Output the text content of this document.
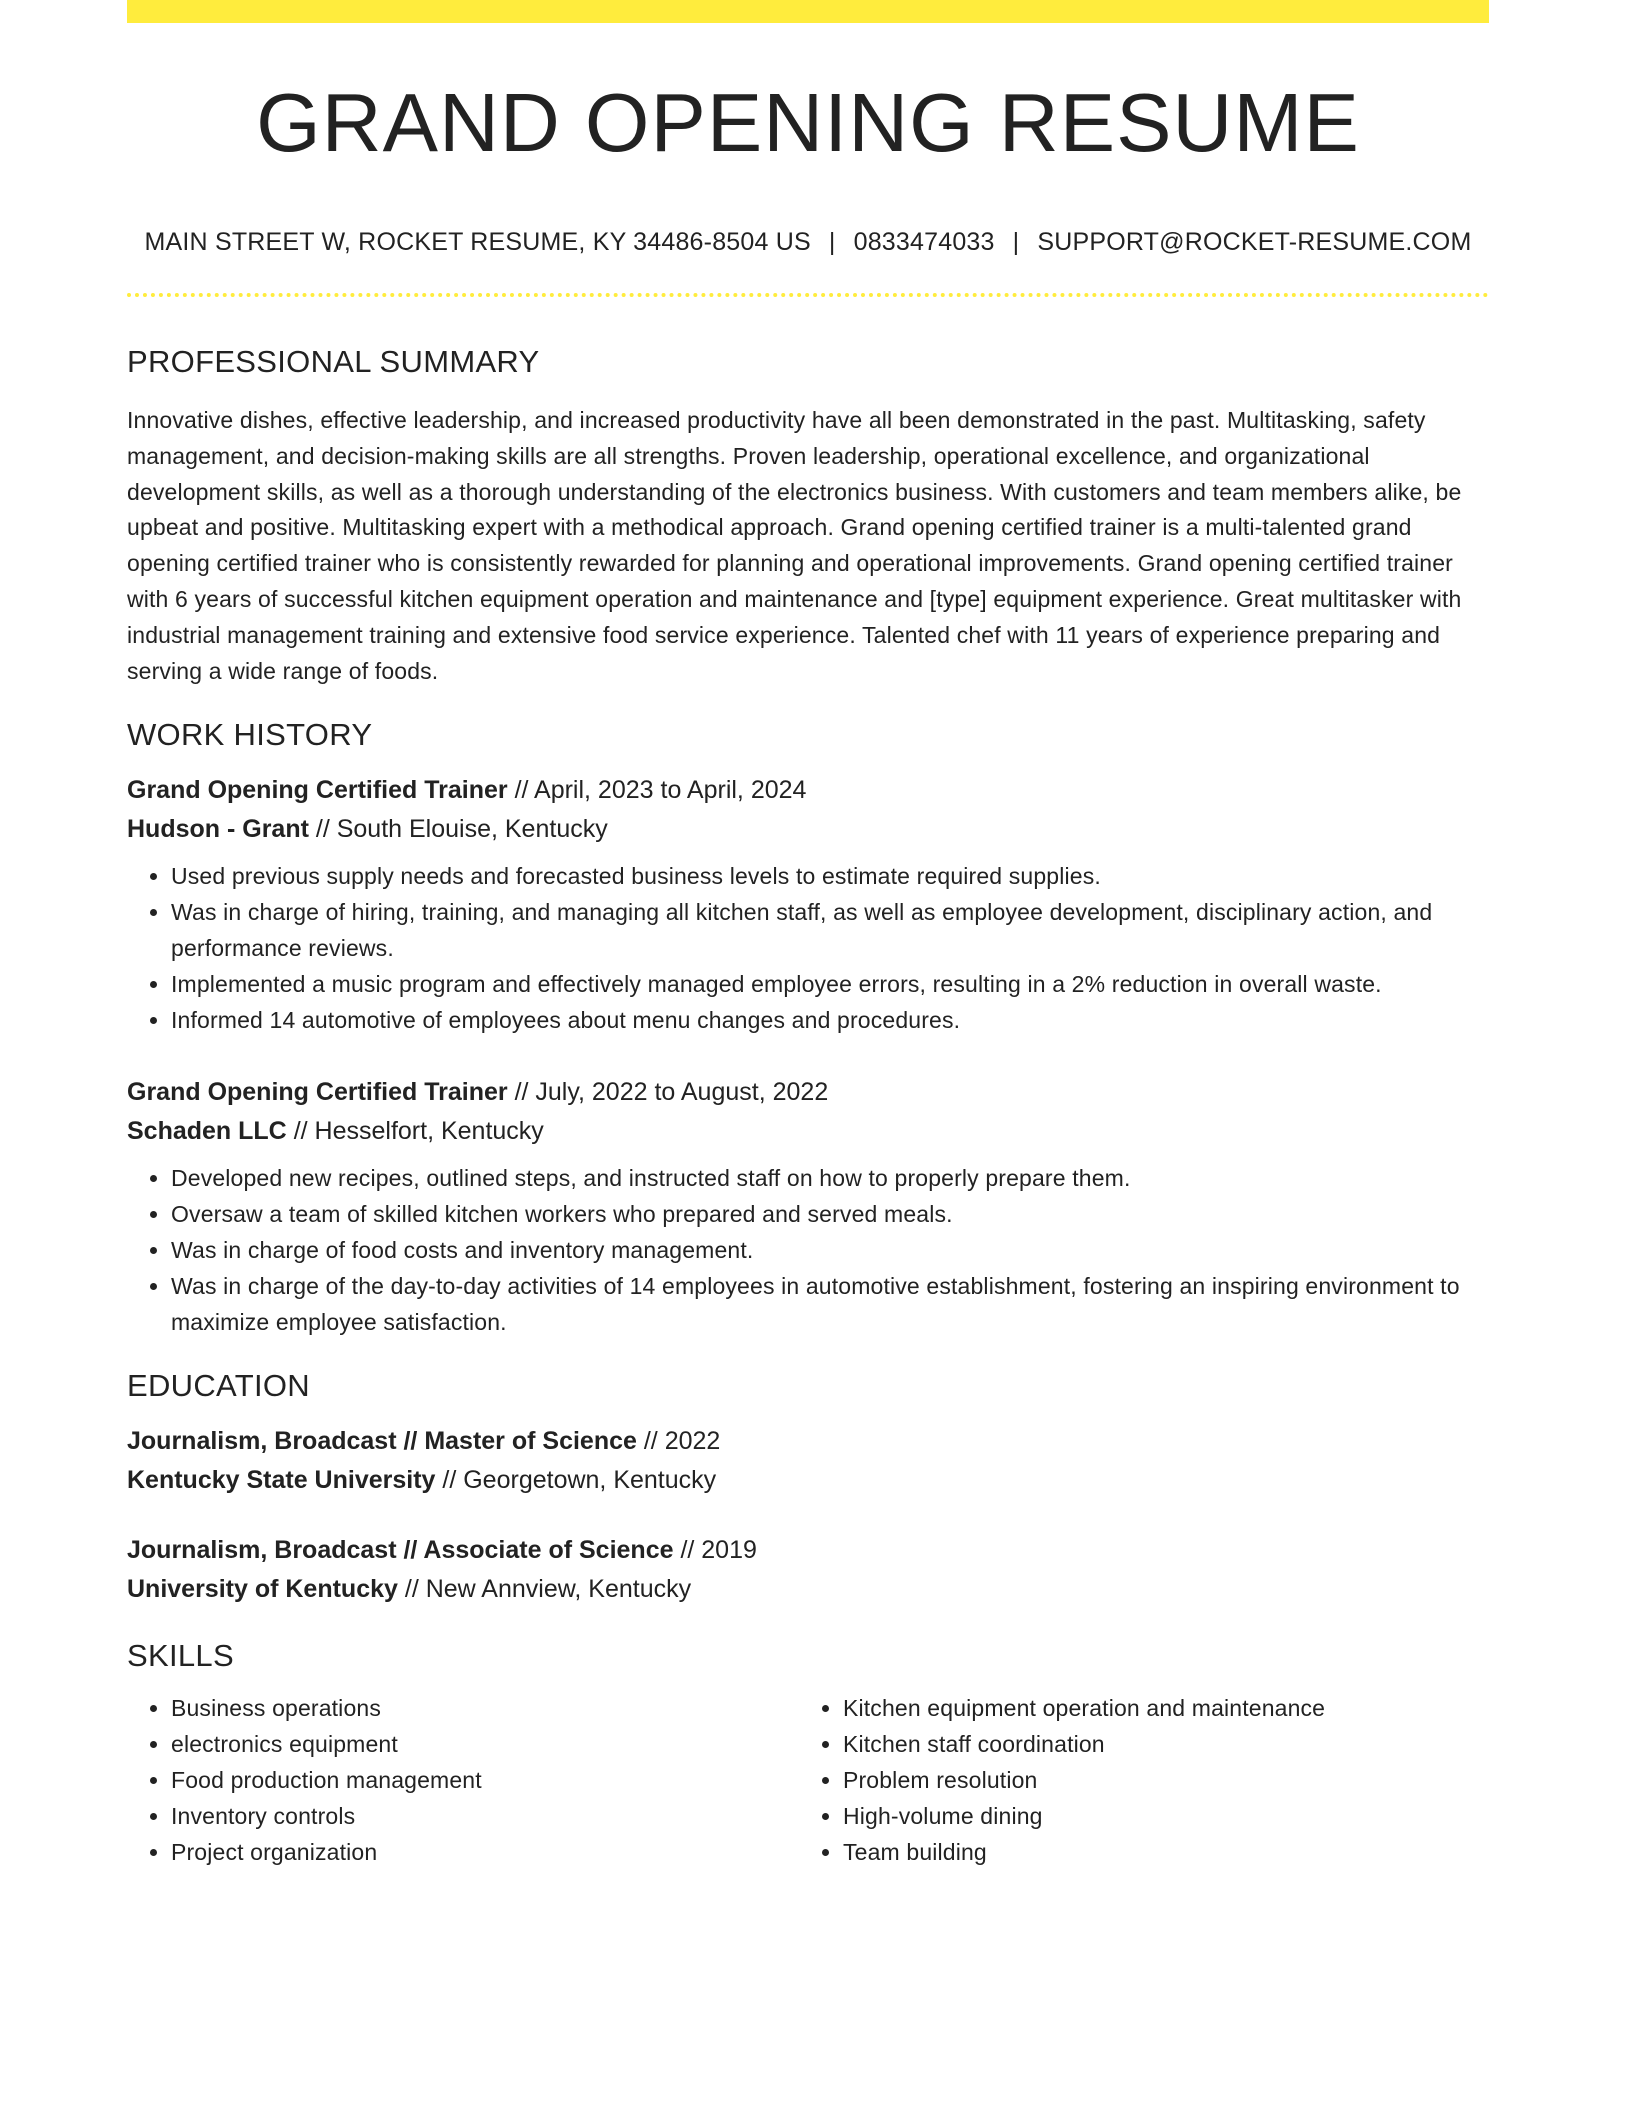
GRAND OPENING RESUME
MAIN STREET W, ROCKET RESUME, KY 34486-8504 US | 0833474033 | SUPPORT@ROCKET-RESUME.COM
PROFESSIONAL SUMMARY

Innovative dishes, effective leadership, and increased productivity have all been demonstrated in the past. Multitasking, safety management, and decision-making skills are all strengths. Proven leadership, operational excellence, and organizational development skills, as well as a thorough understanding of the electronics business. With customers and team members alike, be upbeat and positive. Multitasking expert with a methodical approach. Grand opening certified trainer is a multi-talented grand opening certified trainer who is consistently rewarded for planning and operational improvements. Grand opening certified trainer with 6 years of successful kitchen equipment operation and maintenance and [type] equipment experience. Great multitasker with industrial management training and extensive food service experience. Talented chef with 11 years of experience preparing and serving a wide range of foods.

WORK HISTORY
Grand Opening Certified Trainer // April, 2023 to April, 2024
Hudson - Grant // South Elouise, Kentucky
• Used previous supply needs and forecasted business levels to estimate required supplies.
• Was in charge of hiring, training, and managing all kitchen staff, as well as employee development, disciplinary action, and performance reviews.
• Implemented a music program and effectively managed employee errors, resulting in a 2% reduction in overall waste.
• Informed 14 automotive of employees about menu changes and procedures.
Grand Opening Certified Trainer // July, 2022 to August, 2022
Schaden LLC // Hesselfort, Kentucky
• Developed new recipes, outlined steps, and instructed staff on how to properly prepare them.
• Oversaw a team of skilled kitchen workers who prepared and served meals.
• Was in charge of food costs and inventory management.
• Was in charge of the day-to-day activities of 14 employees in automotive establishment, fostering an inspiring environment to maximize employee satisfaction.
EDUCATION
Journalism, Broadcast // Master of Science // 2022
Kentucky State University // Georgetown, Kentucky
Journalism, Broadcast // Associate of Science // 2019
University of Kentucky // New Annview, Kentucky
SKILLS
• Business operations
• electronics equipment
• Food production management
• Inventory controls
• Project organization
• Kitchen equipment operation and maintenance
• Kitchen staff coordination
• Problem resolution
• High-volume dining
• Team building
